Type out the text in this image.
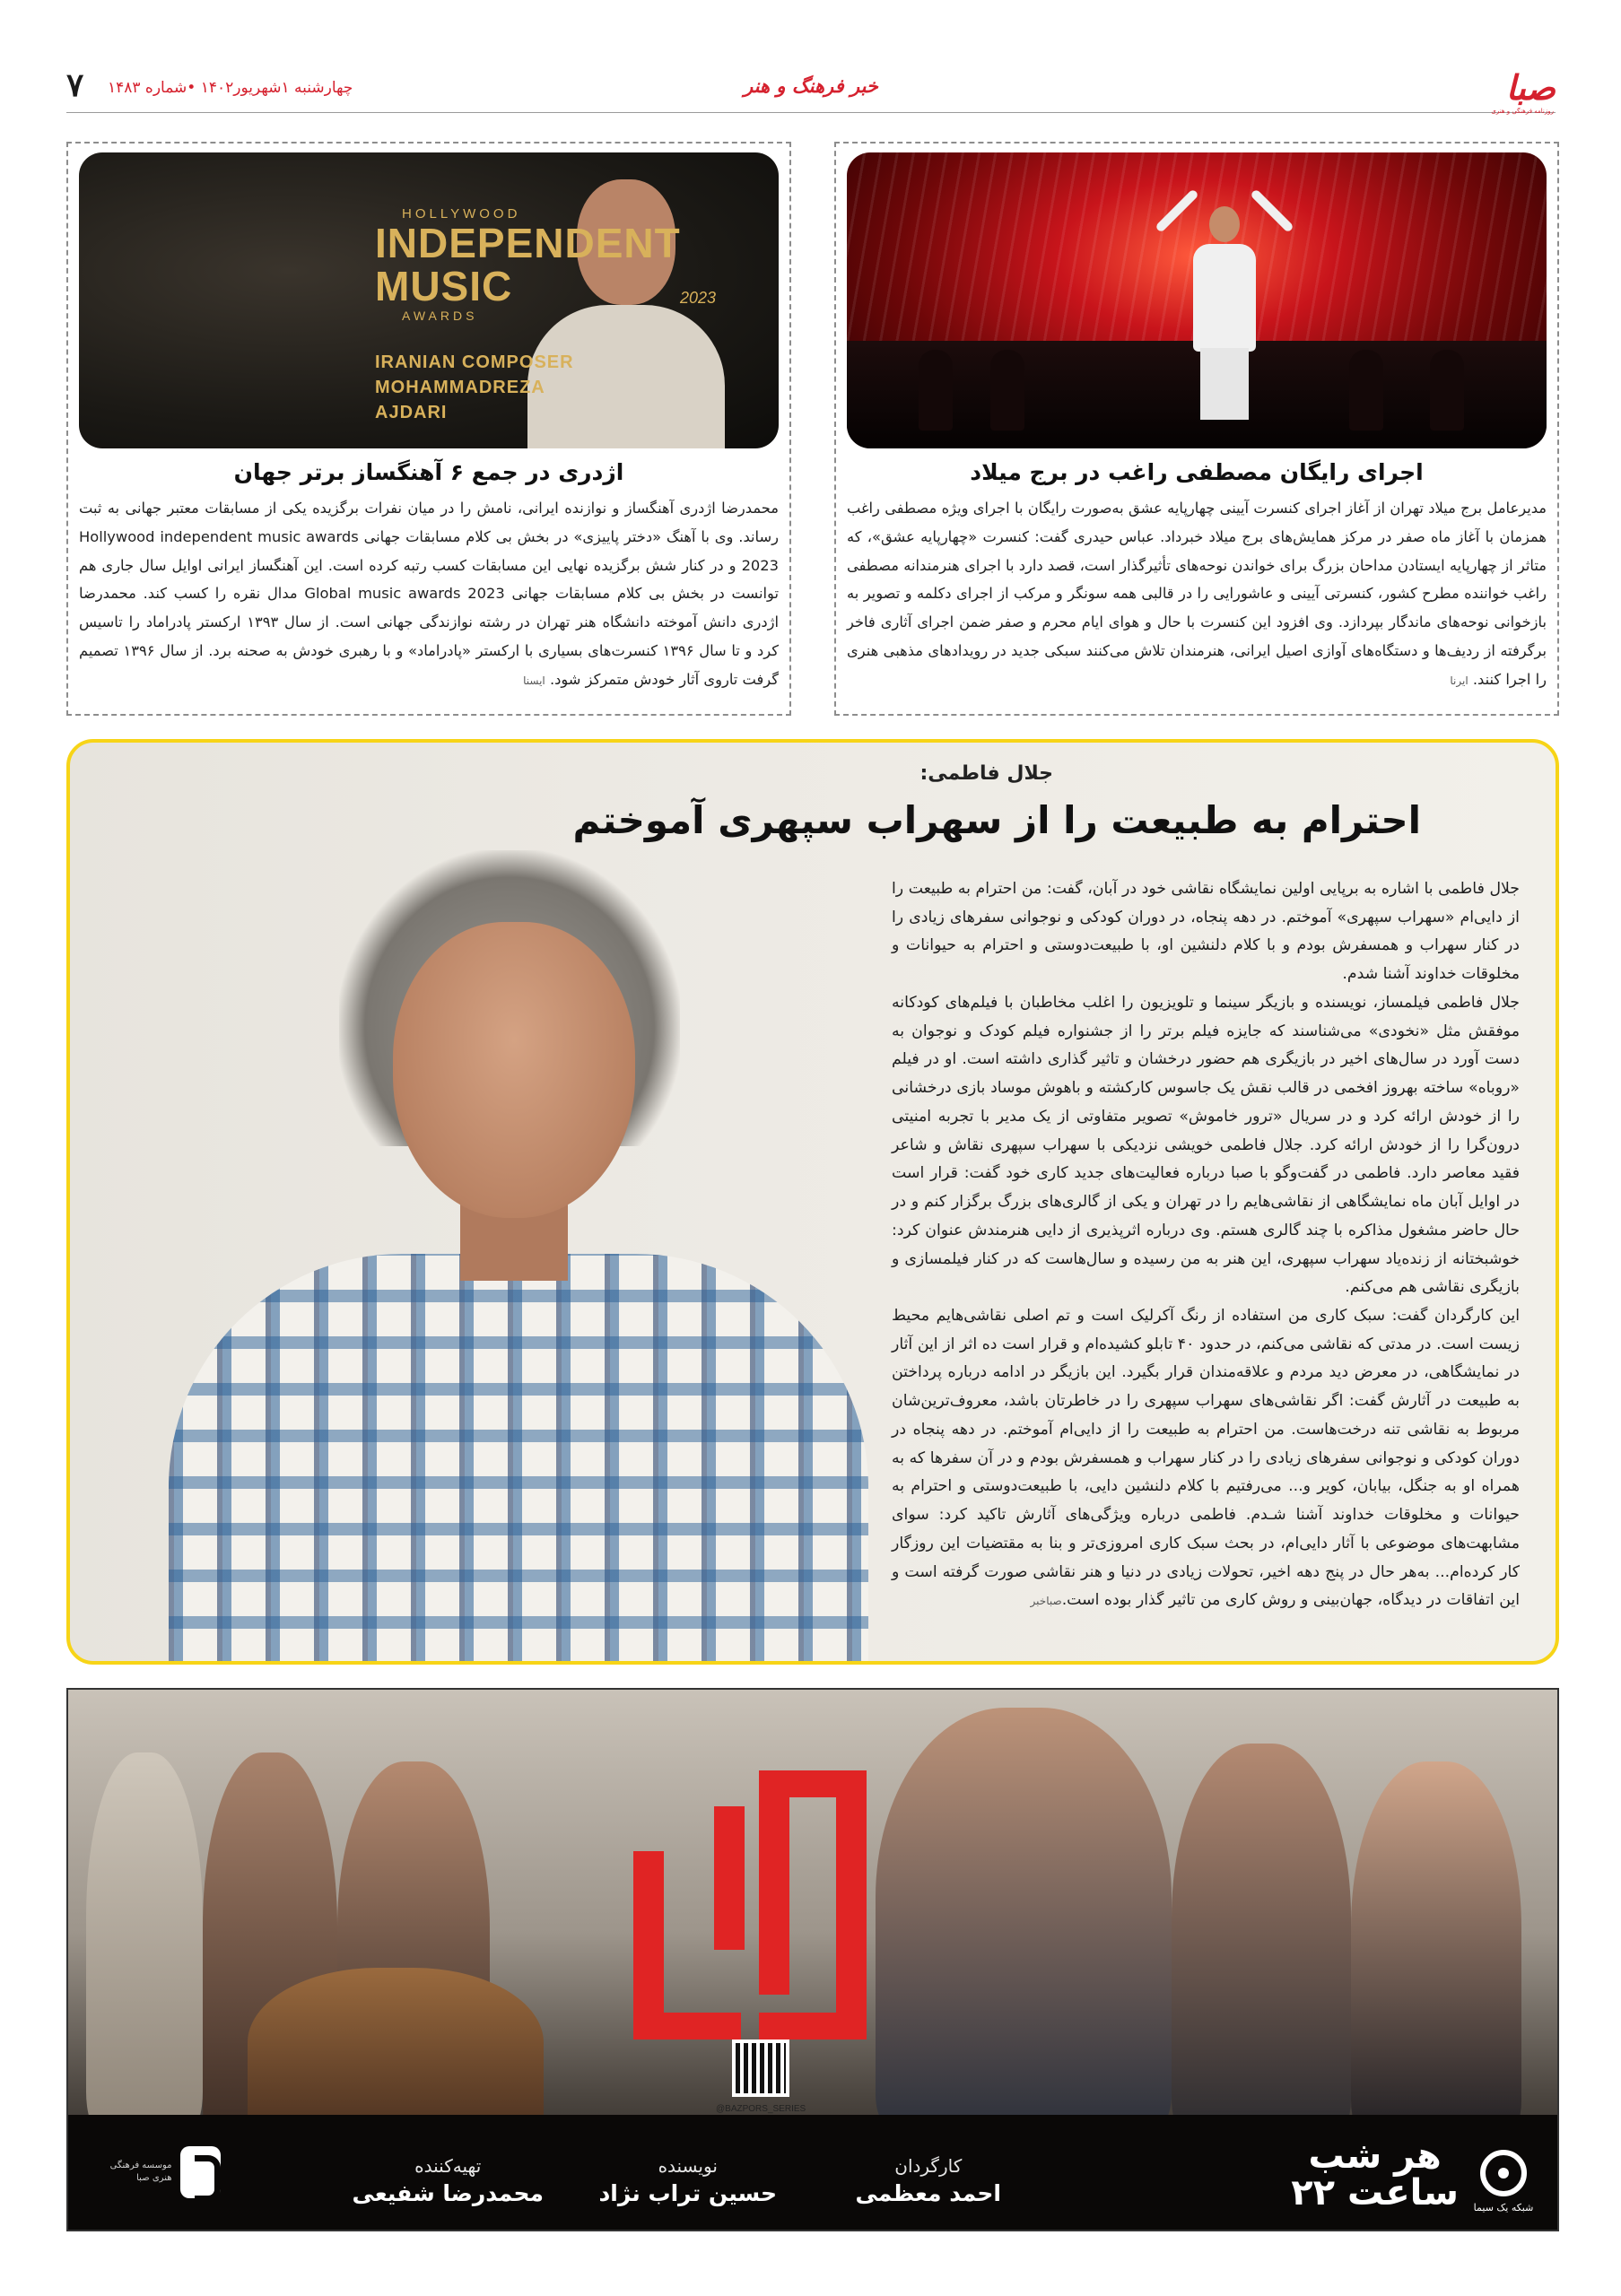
صبا
روزنامه فرهنگی و هنری
خبر فرهنگ و هنر
چهارشنبه ۱شهریور۱۴۰۲ •شماره ۱۴۸۳
۷
اجرای رایگان مصطفی راغب در برج میلاد
مدیرعامل برج میلاد تهران از آغاز اجرای کنسرت آیینی چهارپایه عشق به‌صورت رایگان با اجرای ویژه مصطفی راغب همزمان با آغاز ماه صفر در مرکز همایش‌های برج میلاد خبرداد. عباس حیدری گفت: کنسرت «چهارپایه عشق»، که متاثر از چهارپایه ایستادن مداحان بزرگ برای خواندن نوحه‌های تأثیر‌گذار است، قصد دارد با اجرای هنرمندانه مصطفی راغب خواننده مطرح کشور، کنسرتی آیینی و عاشورایی را در قالبی همه سونگر و مرکب از اجرای دکلمه و تصویر به بازخوانی نوحه‌های ماندگار بپردازد. وی افزود این کنسرت با حال و هوای ایام محرم و صفر ضمن اجرای آثاری فاخر برگرفته از ردیف‌ها و دستگاه‌های آوازی اصیل ایرانی، هنرمندان تلاش می‌کنند سبکی جدید در رویدادهای مذهبی هنری را اجرا کنند. ایرنا
HOLLYWOOD
INDEPENDENT MUSIC
AWARDS
2023
IRANIAN COMPOSER
MOHAMMADREZA
AJDARI
اژدری در جمع ۶ آهنگساز برتر جهان
محمدرضا اژدری آهنگساز و نوازنده ایرانی، نامش را در میان نفرات برگزیده یکی از مسابقات معتبر جهانی به ثبت رساند. وی با آهنگ «دختر پاییزی» در بخش بی کلام مسابقات جهانی Hollywood independent music awards 2023 و در کنار شش برگزیده نهایی این مسابقات کسب رتبه کرده است. این آهنگساز ایرانی اوایل سال جاری هم توانست در بخش بی کلام مسابقات جهانی Global music awards 2023 مدال نقره را کسب کند. محمدرضا اژدری دانش آموخته دانشگاه هنر تهران در رشته نوازندگی جهانی است. از سال ۱۳۹۳ ارکستر پادراماد را تاسیس کرد و تا سال ۱۳۹۶ کنسرت‌های بسیاری با ارکستر «پادراماد» و با رهبری خودش به صحنه برد. از سال ۱۳۹۶ تصمیم گرفت تاروی آثار خودش متمرکز شود. ایسنا
جلال فاطمی:
احترام به طبیعت را از سهراب سپهری آموختم

جلال فاطمی با اشاره به برپایی اولین نمایشگاه نقاشی خود در آبان، گفت: من احترام به طبیعت را از دایی‌ام «سهراب سپهری» آموختم. در دهه پنجاه، در دوران کودکی و نوجوانی سفرهای زیادی را در کنار سهراب و همسفرش بودم و با کلام دلنشین او، با طبیعت‌دوستی و احترام به حیوانات و مخلوقات خداوند آشنا شدم.

جلال فاطمی فیلمساز، نویسنده و بازیگر سینما و تلویزیون را اغلب مخاطبان با فیلم‌های کودکانه موفقش مثل «نخودی» می‌شناسند که جایزه فیلم برتر را از جشنواره فیلم کودک و نوجوان به دست آورد در سال‌های اخیر در بازیگری هم حضور درخشان و تاثیر گذاری داشته است. او در فیلم «روباه» ساخته بهروز افخمی در قالب نقش یک جاسوس کارکشته و باهوش موساد بازی درخشانی را از خودش ارائه کرد و در سریال «ترور خاموش» تصویر متفاوتی از یک مدیر با تجربه امنیتی درون‌گرا را از خودش ارائه کرد. جلال فاطمی خویشی نزدیکی با سهراب سپهری نقاش و شاعر فقید معاصر دارد. فاطمی در گفت‌وگو با صبا درباره فعالیت‌های جدید کاری خود گفت: قرار است در اوایل آبان ماه نمایشگاهی از نقاشی‌هایم را در تهران و یکی از گالری‌های بزرگ برگزار کنم و در حال حاضر مشغول مذاکره با چند گالری هستم. وی درباره اثرپذیری از دایی هنرمندش عنوان کرد: خوشبختانه از زنده‌یاد سهراب سپهری، این هنر به من رسیده و سال‌هاست که در کنار فیلمسازی و بازیگری نقاشی هم می‌کنم.

این کارگردان گفت: سبک کاری من استفاده از رنگ آکرلیک است و تم اصلی نقاشی‌هایم محیط زیست است. در مدتی که نقاشی می‌کنم، در حدود ۴۰ تابلو کشیده‌ام و قرار است ده اثر از این آثار در نمایشگاهی، در معرض دید مردم و علاقه‌مندان قرار بگیرد. این بازیگر در ادامه درباره پرداختن به طبیعت در آثارش گفت: اگر نقاشی‌های سهراب سپهری را در خاطرتان باشد، معروف‌ترین‌شان مربوط به نقاشی تنه درخت‌هاست. من احترام به طبیعت را از دایی‌ام آموختم. در دهه پنجاه در دوران کودکی و نوجوانی سفرهای زیادی را در کنار سهراب و همسفرش بودم و در آن سفرها که به همراه او به جنگل، بیابان، کویر و... می‌رفتیم با کلام دلنشین دایی، با طبیعت‌دوستی و احترام به حیوانات و مخلوقات خداوند آشنا شـدم. فاطمی درباره ویژگی‌های آثارش تاکید کرد: سوای مشابهت‌های موضوعی با آثار دایی‌ام، در بحث سبک کاری امروزی‌تر و بنا به مقتضیات این روزگار کار کرده‌ام... به‌هر حال در پنج دهه اخیر، تحولات زیادی در دنیا و هنر نقاشی صورت گرفته است و این اتفاقات در دیدگاه، جهان‌بینی و روش کاری من تاثیر گذار بوده است.صباخبر

@BAZPORS_SERIES
شبکه یک سیما
هر شب
ساعت ۲۲
کارگردان
احمد معظمی
نویسنده
حسین تراب نژاد
تهیه‌کننده
محمدرضا شفیعی
موسسه فرهنگی هنری صبا
